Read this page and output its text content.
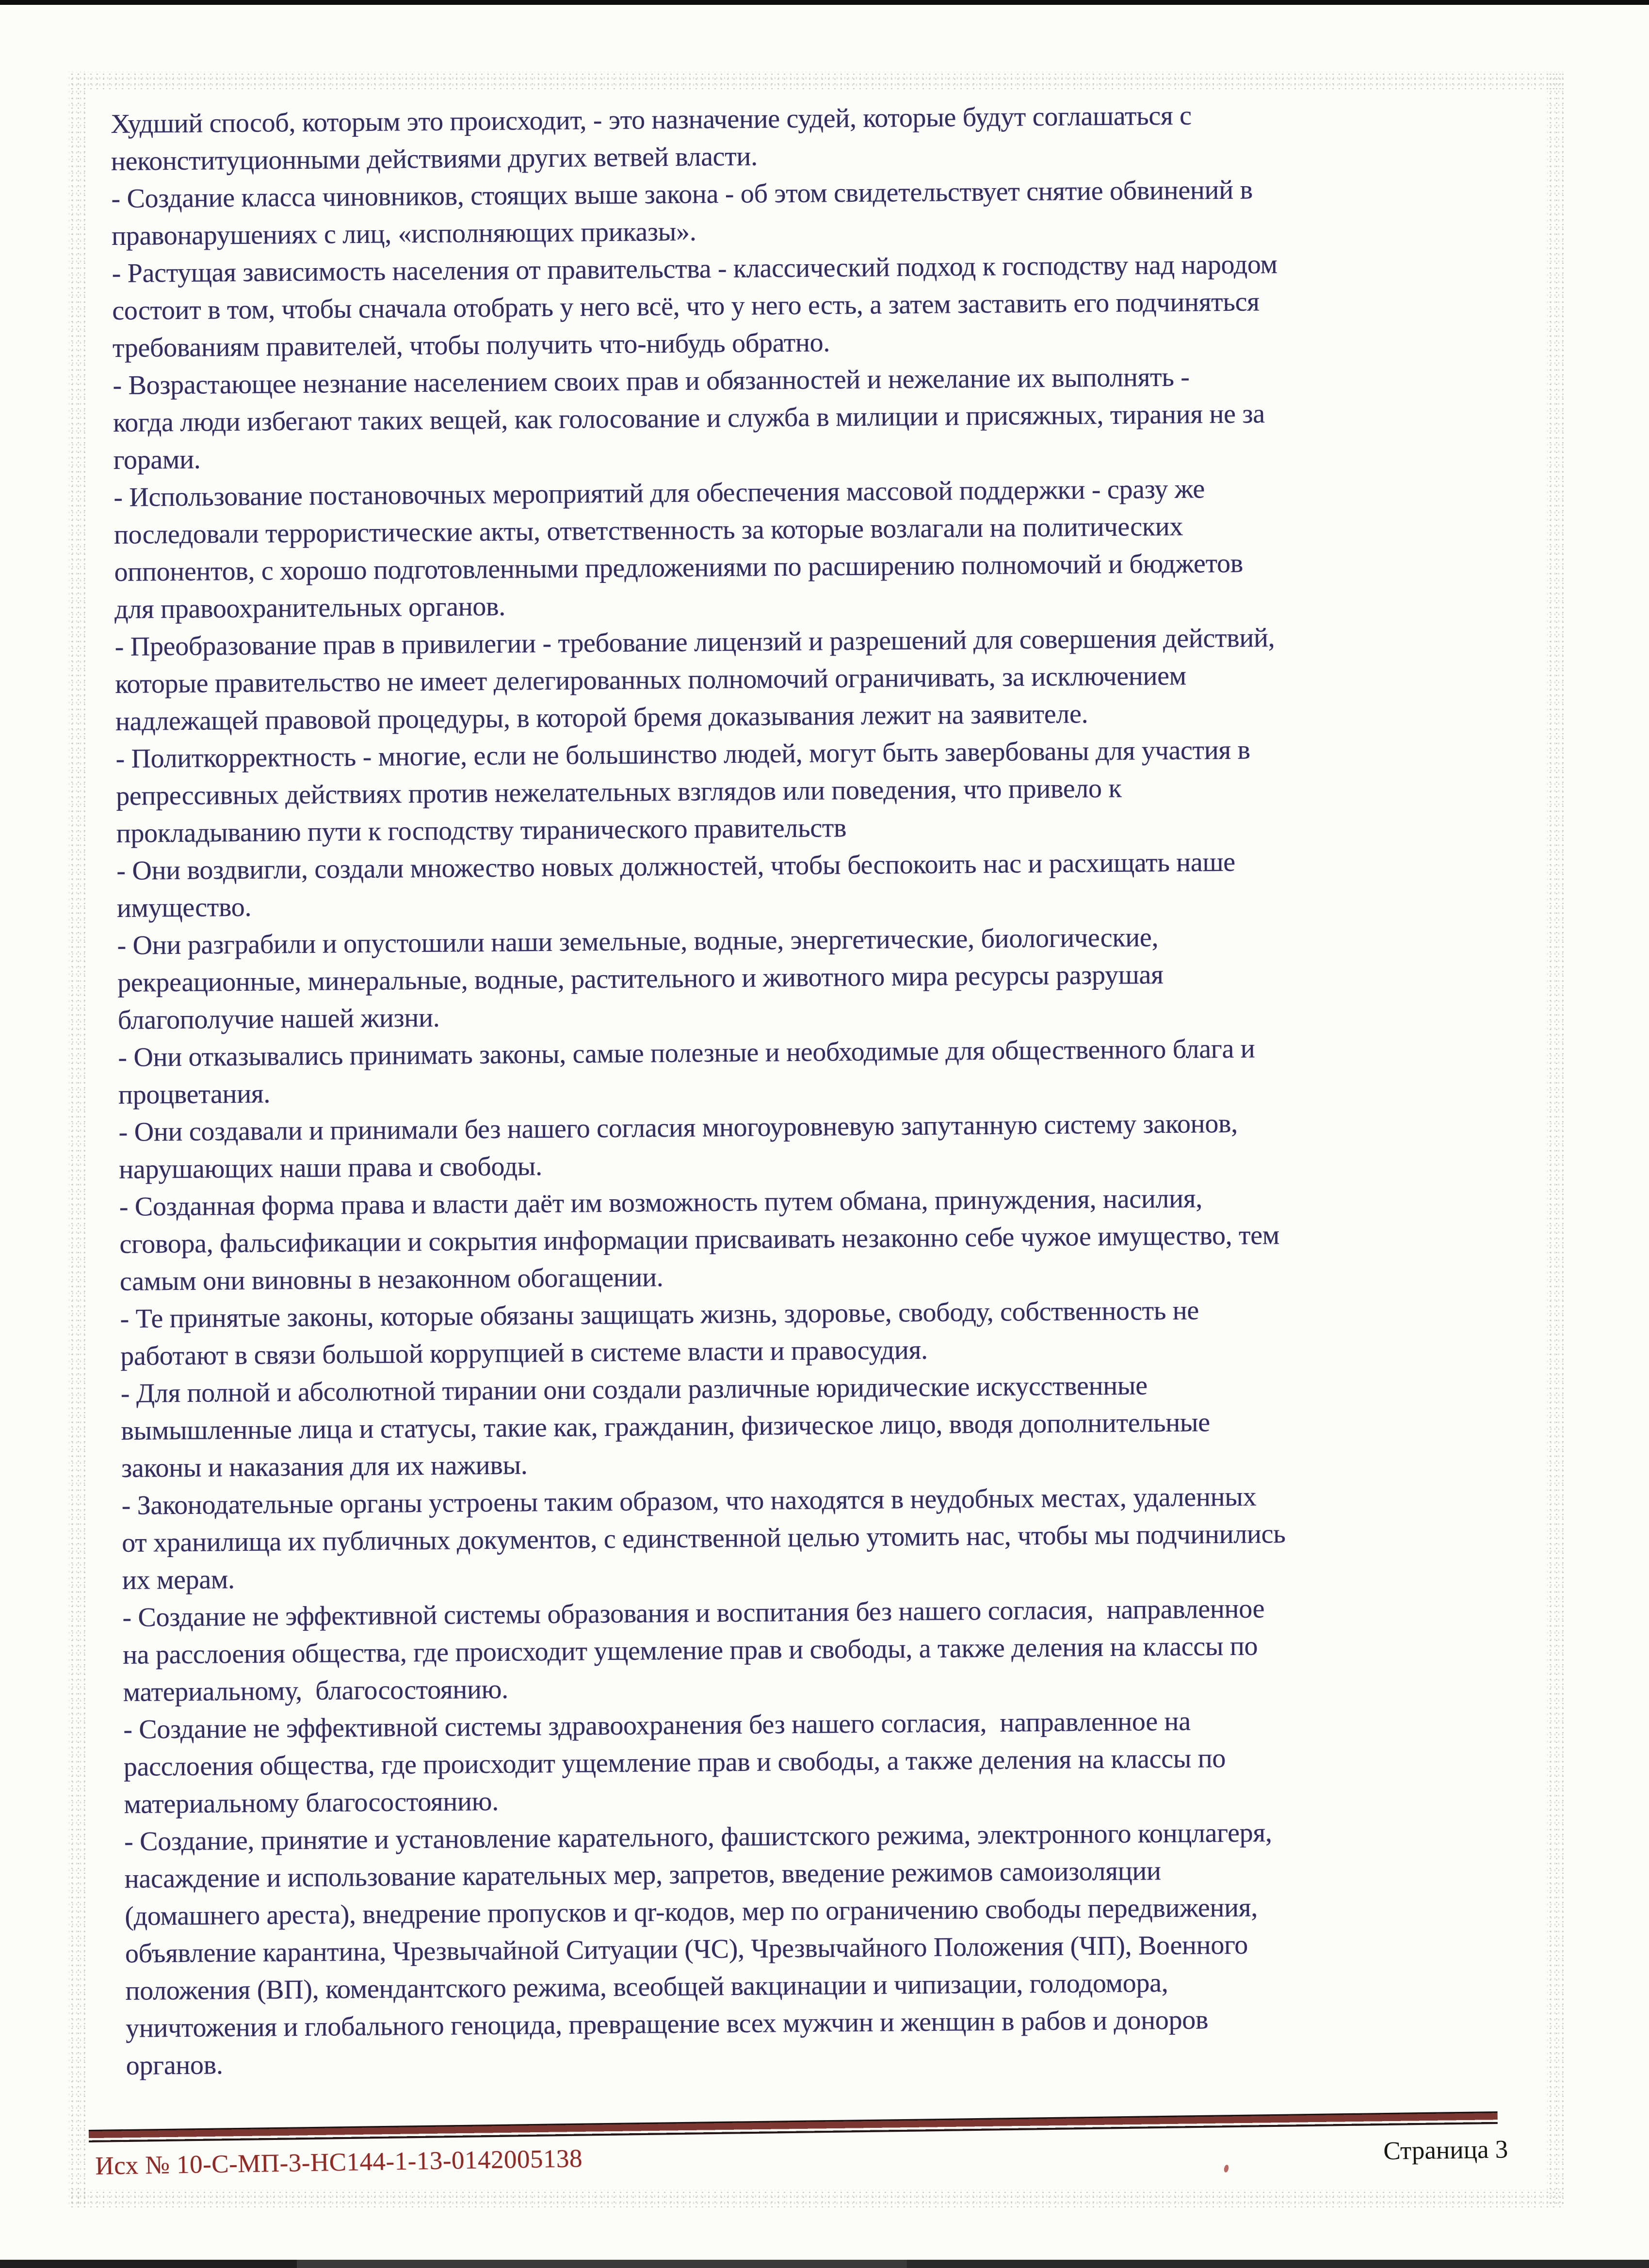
Худший способ, которым это происходит, - это назначение судей, которые будут соглашаться с
неконституционными действиями других ветвей власти.
- Создание класса чиновников, стоящих выше закона - об этом свидетельствует снятие обвинений в
правонарушениях с лиц, «исполняющих приказы».
- Растущая зависимость населения от правительства - классический подход к господству над народом
состоит в том, чтобы сначала отобрать у него всё, что у него есть, а затем заставить его подчиняться
требованиям правителей, чтобы получить что-нибудь обратно.
- Возрастающее незнание населением своих прав и обязанностей и нежелание их выполнять -
когда люди избегают таких вещей, как голосование и служба в милиции и присяжных, тирания не за
горами.
- Использование постановочных мероприятий для обеспечения массовой поддержки - сразу же
последовали террористические акты, ответственность за которые возлагали на политических
оппонентов, с хорошо подготовленными предложениями по расширению полномочий и бюджетов
для правоохранительных органов.
- Преобразование прав в привилегии - требование лицензий и разрешений для совершения действий,
которые правительство не имеет делегированных полномочий ограничивать, за исключением
надлежащей правовой процедуры, в которой бремя доказывания лежит на заявителе.
- Политкорректность - многие, если не большинство людей, могут быть завербованы для участия в
репрессивных действиях против нежелательных взглядов или поведения, что привело к
прокладыванию пути к господству тиранического правительств
- Они воздвигли, создали множество новых должностей, чтобы беспокоить нас и расхищать наше
имущество.
- Они разграбили и опустошили наши земельные, водные, энергетические, биологические,
рекреационные, минеральные, водные, растительного и животного мира ресурсы разрушая
благополучие нашей жизни.
- Они отказывались принимать законы, самые полезные и необходимые для общественного блага и
процветания.
- Они создавали и принимали без нашего согласия многоуровневую запутанную систему законов,
нарушающих наши права и свободы.
- Созданная форма права и власти даёт им возможность путем обмана, принуждения, насилия,
сговора, фальсификации и сокрытия информации присваивать незаконно себе чужое имущество, тем
самым они виновны в незаконном обогащении.
- Те принятые законы, которые обязаны защищать жизнь, здоровье, свободу, собственность не
работают в связи большой коррупцией в системе власти и правосудия.
- Для полной и абсолютной тирании они создали различные юридические искусственные
вымышленные лица и статусы, такие как, гражданин, физическое лицо, вводя дополнительные
законы и наказания для их наживы.
- Законодательные органы устроены таким образом, что находятся в неудобных местах, удаленных
от хранилища их публичных документов, с единственной целью утомить нас, чтобы мы подчинились
их мерам.
- Создание не эффективной системы образования и воспитания без нашего согласия,  направленное
на расслоения общества, где происходит ущемление прав и свободы, а также деления на классы по
материальному,  благосостоянию.
- Создание не эффективной системы здравоохранения без нашего согласия,  направленное на
расслоения общества, где происходит ущемление прав и свободы, а также деления на классы по
материальному благосостоянию.
- Создание, принятие и установление карательного, фашистского режима, электронного концлагеря,
насаждение и использование карательных мер, запретов, введение режимов самоизоляции
(домашнего ареста), внедрение пропусков и qr-кодов, мер по ограничению свободы передвижения,
объявление карантина, Чрезвычайной Ситуации (ЧС), Чрезвычайного Положения (ЧП), Военного
положения (ВП), комендантского режима, всеобщей вакцинации и чипизации, голодомора,
уничтожения и глобального геноцида, превращение всех мужчин и женщин в рабов и доноров
органов.
Исх № 10-С-МП-3-НС144-1-13-0142005138	Страница 3
